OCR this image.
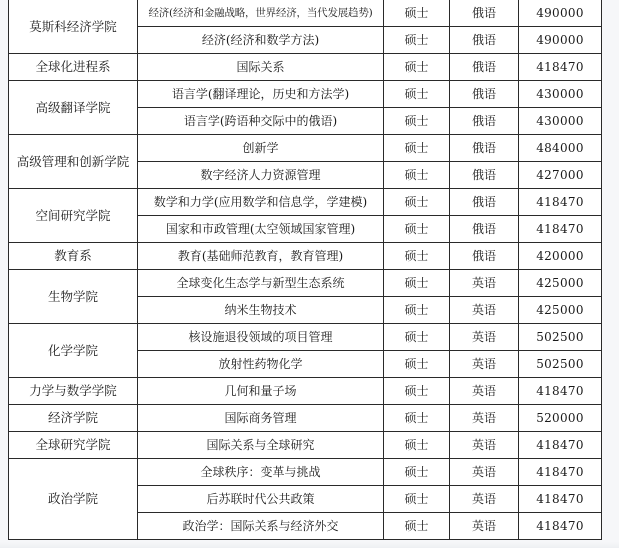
莫斯科经济学院	经济(经济和金融战略，世界经济，当代发展趋势)	硕士	俄语	490000
	经济(经济和数学方法)	硕士	俄语	490000
全球化进程系	国际关系	硕士	俄语	418470
高级翻译学院	语言学(翻译理论，历史和方法学)	硕士	俄语	430000
	语言学(跨语种交际中的俄语)	硕士	俄语	430000
高级管理和创新学院	创新学	硕士	俄语	484000
	数字经济人力资源管理	硕士	俄语	427000
空间研究学院	数学和力学(应用数学和信息学，学建模)	硕士	俄语	418470
	国家和市政管理(太空领域国家管理)	硕士	俄语	418470
教育系	教育(基础师范教育，教育管理)	硕士	俄语	420000
生物学院	全球变化生态学与新型生态系统	硕士	英语	425000
	纳米生物技术	硕士	英语	425000
化学学院	核设施退役领域的项目管理	硕士	英语	502500
	放射性药物化学	硕士	英语	502500
力学与数学学院	几何和量子场	硕士	英语	418470
经济学院	国际商务管理	硕士	英语	520000
全球研究学院	国际关系与全球研究	硕士	英语	418470
政治学院	全球秩序：变革与挑战	硕士	英语	418470
	后苏联时代公共政策	硕士	英语	418470
	政治学：国际关系与经济外交	硕士	英语	418470
